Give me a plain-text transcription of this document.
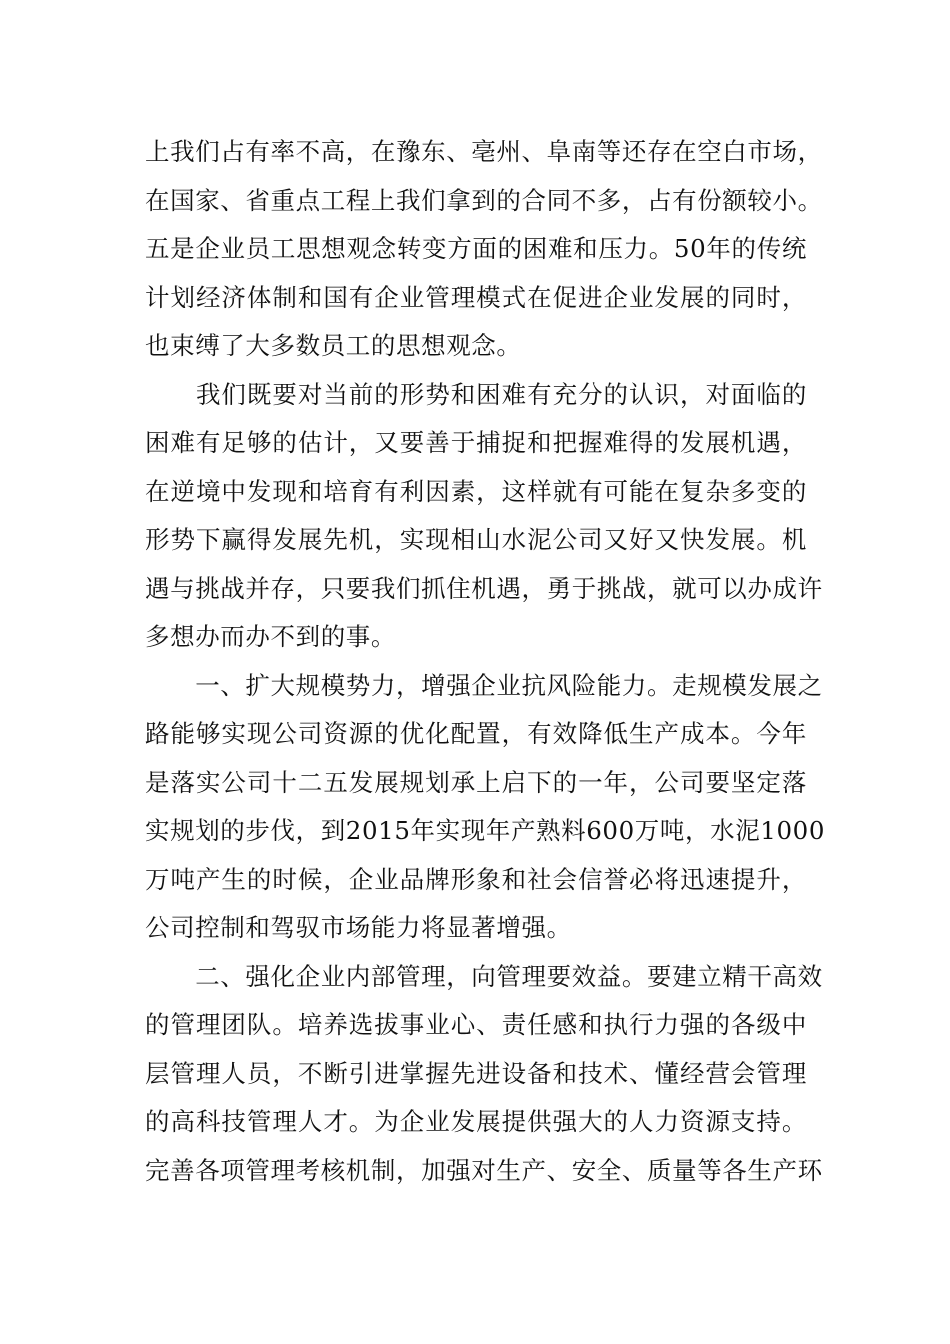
上我们占有率不高，在豫东、亳州、阜南等还存在空白市场，
在国家、省重点工程上我们拿到的合同不多，占有份额较小。
五是企业员工思想观念转变方面的困难和压力。50年的传统
计划经济体制和国有企业管理模式在促进企业发展的同时，
也束缚了大多数员工的思想观念。
　　我们既要对当前的形势和困难有充分的认识，对面临的
困难有足够的估计，又要善于捕捉和把握难得的发展机遇，
在逆境中发现和培育有利因素，这样就有可能在复杂多变的
形势下赢得发展先机，实现相山水泥公司又好又快发展。机
遇与挑战并存，只要我们抓住机遇，勇于挑战，就可以办成许
多想办而办不到的事。
　　一、扩大规模势力，增强企业抗风险能力。走规模发展之
路能够实现公司资源的优化配置，有效降低生产成本。今年
是落实公司十二五发展规划承上启下的一年，公司要坚定落
实规划的步伐，到2015年实现年产熟料600万吨，水泥1000
万吨产生的时候，企业品牌形象和社会信誉必将迅速提升，
公司控制和驾驭市场能力将显著增强。
　　二、强化企业内部管理，向管理要效益。要建立精干高效
的管理团队。培养选拔事业心、责任感和执行力强的各级中
层管理人员，不断引进掌握先进设备和技术、懂经营会管理
的高科技管理人才。为企业发展提供强大的人力资源支持。
完善各项管理考核机制，加强对生产、安全、质量等各生产环
